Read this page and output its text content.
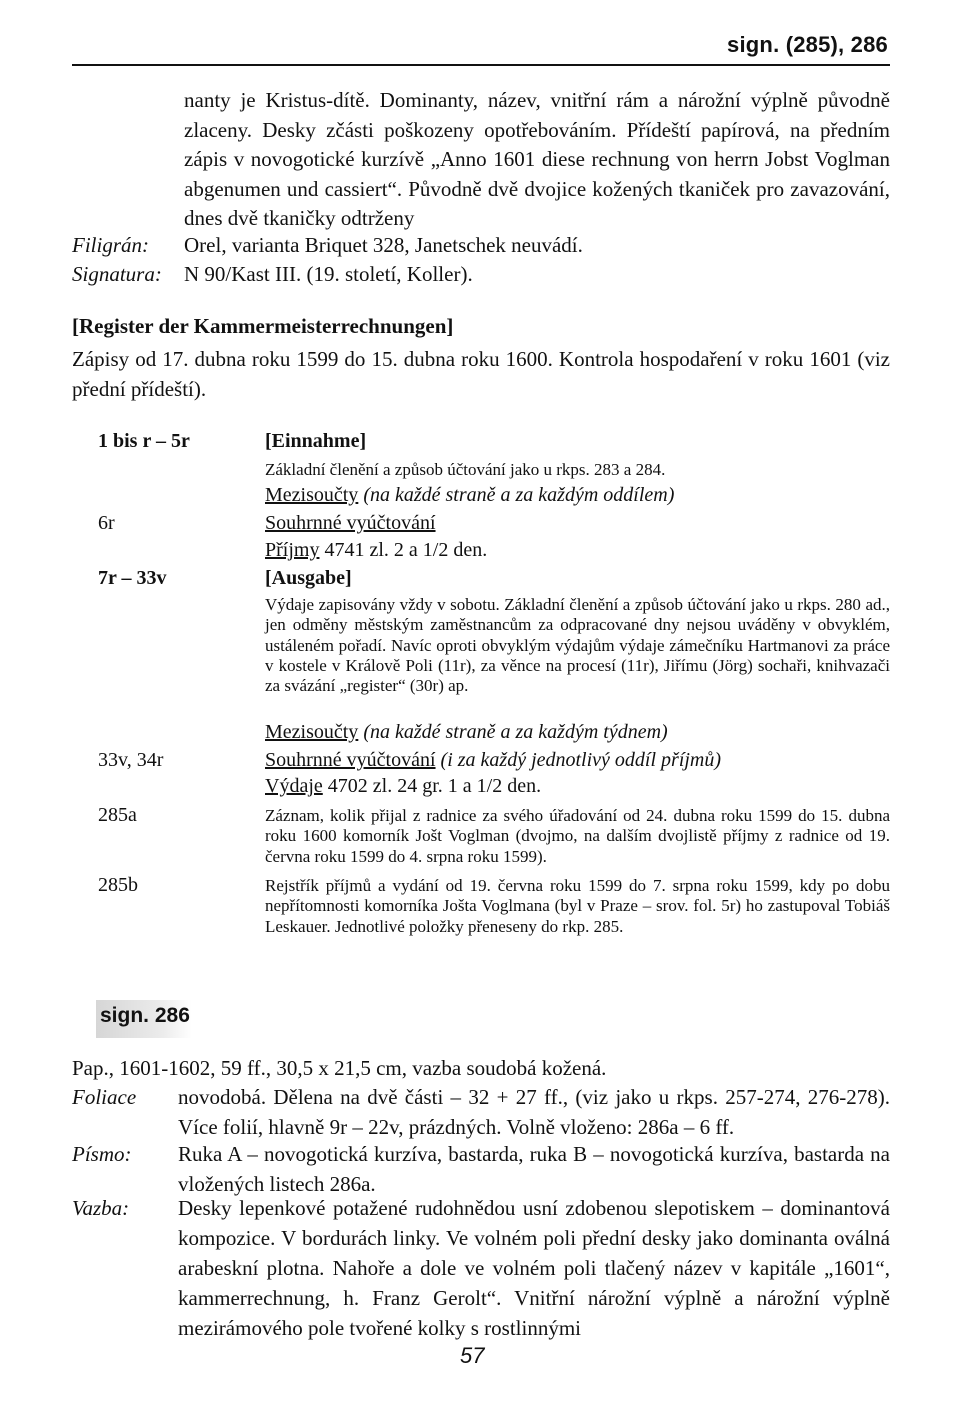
sign. (285), 286
nanty je Kristus-dítě. Dominanty, název, vnitřní rám a nárožní výplně původně zlaceny. Desky zčásti poškozeny opotřebováním. Přídeští papírová, na předním zápis v novogotické kurzívě „Anno 1601 diese rechnung von herrn Jobst Voglman abgenumen und cassiert“. Původně dvě dvojice kožených tkaniček pro zavazování, dnes dvě tkaničky odtrženy
Filigrán: Orel, varianta Briquet 328, Janetschek neuvádí.
Signatura: N 90/Kast III. (19. století, Koller).
[Register der Kammermeisterrechnungen]
Zápisy od 17. dubna roku 1599 do 15. dubna roku 1600. Kontrola hospodaření v roku 1601 (viz přední přídeští).
1 bis r – 5r	[Einnahme]
Základní členění a způsob účtování jako u rkps. 283 a 284.
Mezisoučty (na každé straně a za každým oddílem)
6r	Souhrnné vyúčtování
Příjmy 4741 zl. 2 a 1/2 den.
7r – 33v	[Ausgabe]
Výdaje zapisovány vždy v sobotu. Základní členění a způsob účtování jako u rkps. 280 ad., jen odměny městským zaměstnancům za odpracované dny nejsou uváděny v obvyklém, ustáleném pořadí. Navíc oproti obvyklým výdajům výdaje zámečníku Hartmanovi za práce v kostele v Králově Poli (11r), za věnce na procesí (11r), Jiřímu (Jörg) sochaři, knihvazači za svázání „register“ (30r) ap.
Mezisoučty (na každé straně a za každým týdnem)
33v, 34r	Souhrnné vyúčtování (i za každý jednotlivý oddíl příjmů)
Výdaje 4702 zl. 24 gr. 1 a 1/2 den.
285a	Záznam, kolik přijal z radnice za svého úřadování od 24. dubna roku 1599 do 15. dubna roku 1600 komorník Jošt Voglman (dvojmo, na dalším dvojlistě příjmy z radnice od 19. června roku 1599 do 4. srpna roku 1599).
285b	Rejstřík příjmů a vydání od 19. června roku 1599 do 7. srpna roku 1599, kdy po dobu nepřítomnosti komorníka Jošta Voglmana (byl v Praze – srov. fol. 5r) ho zastupoval Tobiáš Leskauer. Jednotlivé položky přeneseny do rkp. 285.
sign. 286
Pap., 1601-1602, 59 ff., 30,5 x 21,5 cm, vazba soudobá kožená.
Foliace novodobá. Dělena na dvě části – 32 + 27 ff., (viz jako u rkps. 257-274, 276-278). Více folií, hlavně 9r – 22v, prázdných. Volně vloženo: 286a – 6 ff.
Písmo: Ruka A – novogotická kurzíva, bastarda, ruka B – novogotická kurzíva, bastarda na vložených listech 286a.
Vazba: Desky lepenkové potažené rudohnědou usní zdobenou slepotiskem – dominantová kompozice. V bordurách linky. Ve volném poli přední desky jako dominanta oválná arabeskní plotna. Nahoře a dole ve volném poli tlačený název v kapitále „1601“, kammerrechnung, h. Franz Gerolt“. Vnitřní nárožní výplně a nárožní výplně mezirámového pole tvořené kolky s rostlinnými
57
